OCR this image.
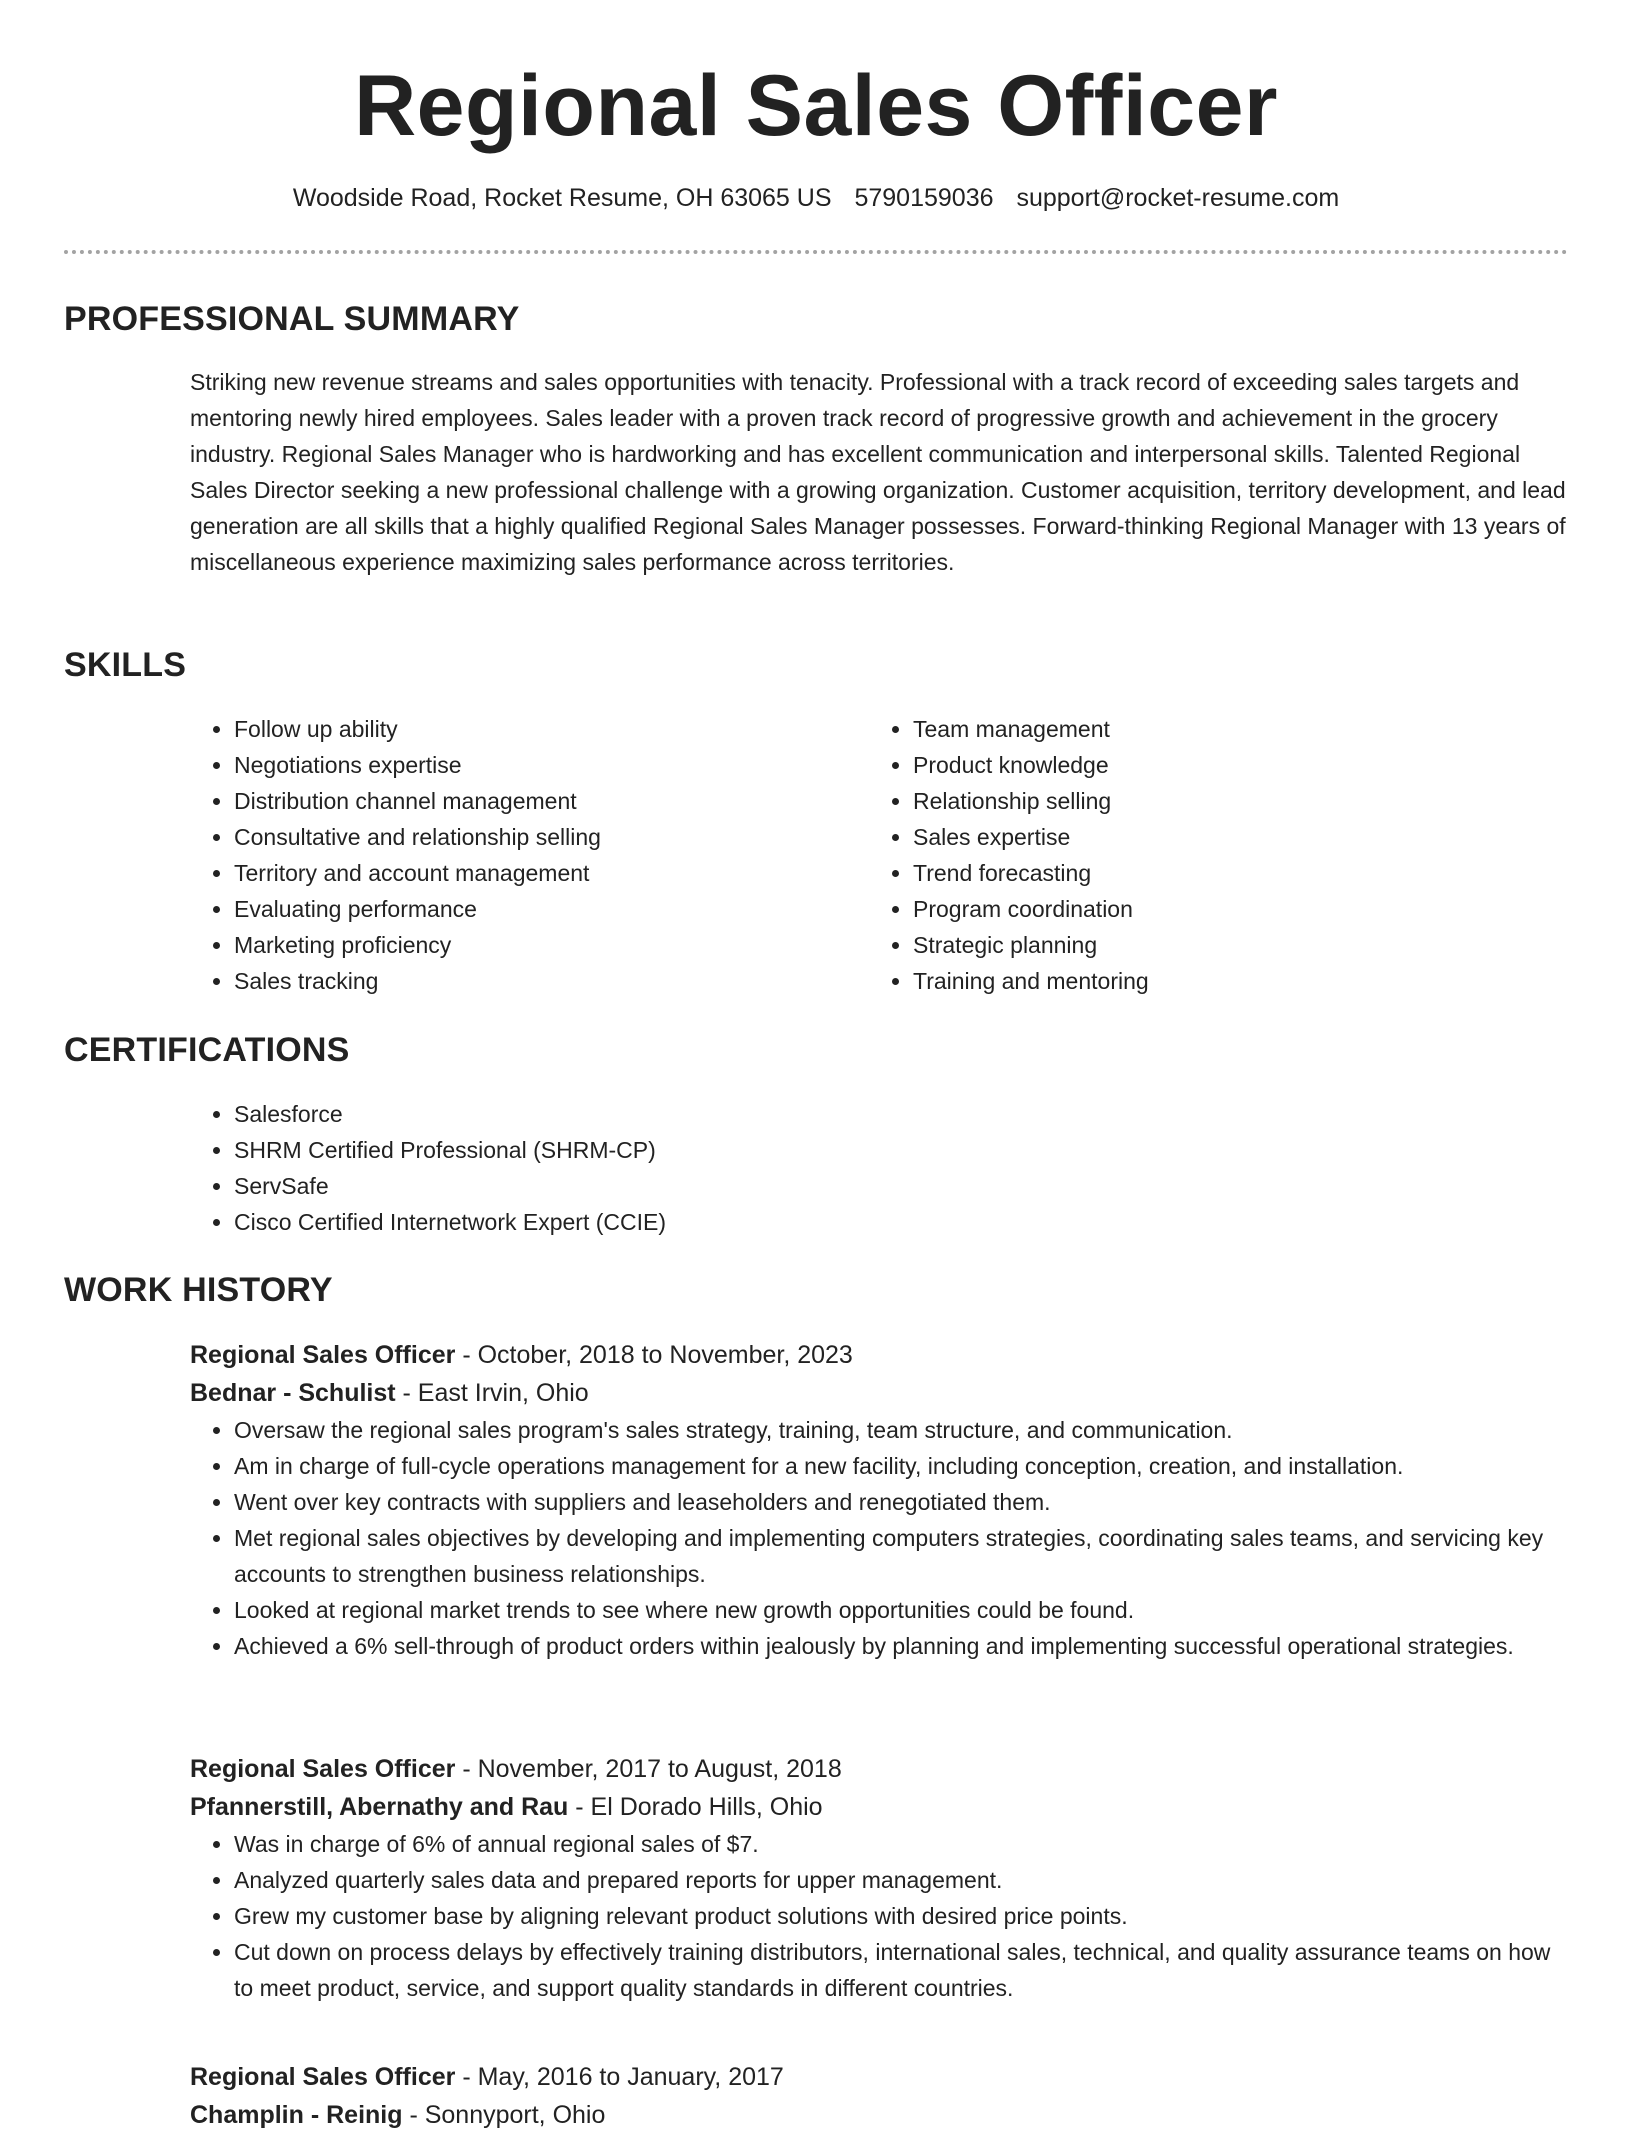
Regional Sales Officer
Woodside Road, Rocket Resume, OH 63065 US 5790159036 support@rocket-resume.com
PROFESSIONAL SUMMARY

Striking new revenue streams and sales opportunities with tenacity. Professional with a track record of exceeding sales targets and mentoring newly hired employees. Sales leader with a proven track record of progressive growth and achievement in the grocery industry. Regional Sales Manager who is hardworking and has excellent communication and interpersonal skills. Talented Regional Sales Director seeking a new professional challenge with a growing organization. Customer acquisition, territory development, and lead generation are all skills that a highly qualified Regional Sales Manager possesses. Forward-thinking Regional Manager with 13 years of miscellaneous experience maximizing sales performance across territories.

SKILLS
• Follow up ability
• Negotiations expertise
• Distribution channel management
• Consultative and relationship selling
• Territory and account management
• Evaluating performance
• Marketing proficiency
• Sales tracking
• Team management
• Product knowledge
• Relationship selling
• Sales expertise
• Trend forecasting
• Program coordination
• Strategic planning
• Training and mentoring
CERTIFICATIONS
• Salesforce
• SHRM Certified Professional (SHRM-CP)
• ServSafe
• Cisco Certified Internetwork Expert (CCIE)
WORK HISTORY

Regional Sales Officer - October, 2018 to November, 2023

Bednar - Schulist - East Irvin, Ohio

• Oversaw the regional sales program's sales strategy, training, team structure, and communication.
• Am in charge of full-cycle operations management for a new facility, including conception, creation, and installation.
• Went over key contracts with suppliers and leaseholders and renegotiated them.
• Met regional sales objectives by developing and implementing computers strategies, coordinating sales teams, and servicing key accounts to strengthen business relationships.
• Looked at regional market trends to see where new growth opportunities could be found.
• Achieved a 6% sell-through of product orders within jealously by planning and implementing successful operational strategies.

Regional Sales Officer - November, 2017 to August, 2018

Pfannerstill, Abernathy and Rau - El Dorado Hills, Ohio

• Was in charge of 6% of annual regional sales of $7.
• Analyzed quarterly sales data and prepared reports for upper management.
• Grew my customer base by aligning relevant product solutions with desired price points.
• Cut down on process delays by effectively training distributors, international sales, technical, and quality assurance teams on how to meet product, service, and support quality standards in different countries.

Regional Sales Officer - May, 2016 to January, 2017

Champlin - Reinig - Sonnyport, Ohio
